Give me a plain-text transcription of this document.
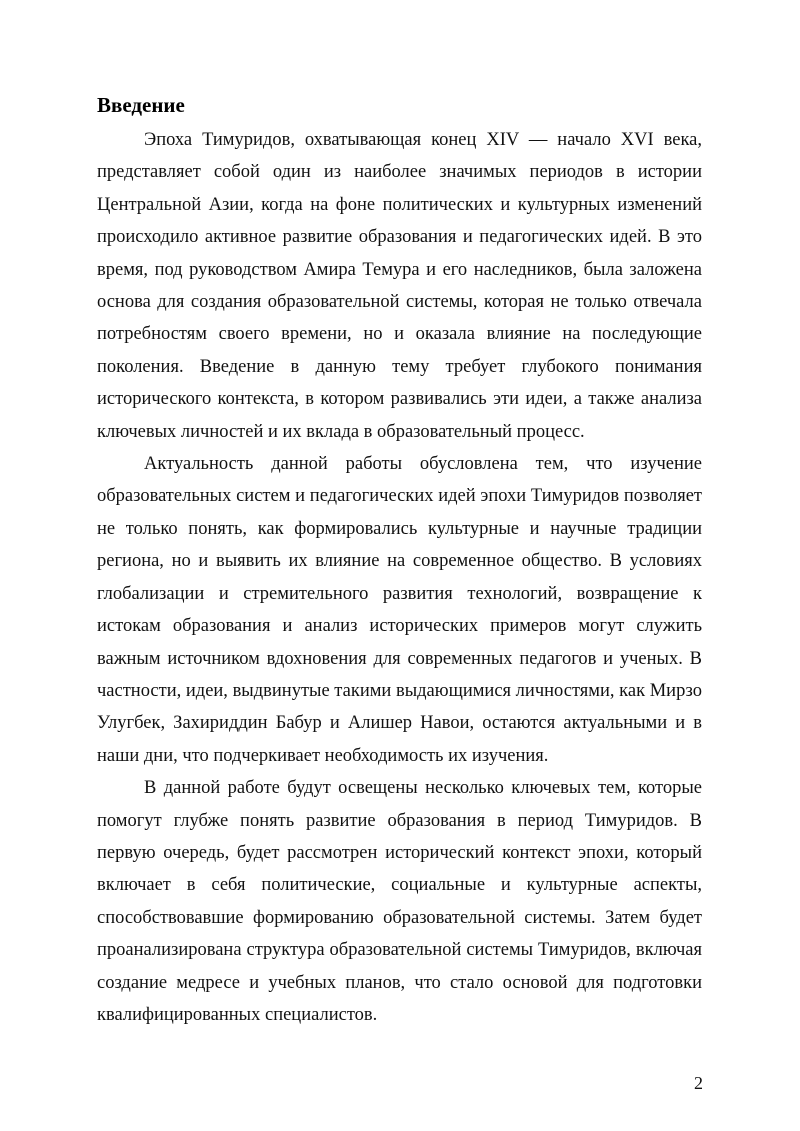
Введение

Эпоха Тимуридов, охватывающая конец XIV — начало XVI века, представляет собой один из наиболее значимых периодов в истории Центральной Азии, когда на фоне политических и культурных изменений происходило активное развитие образования и педагогических идей. В это время, под руководством Амира Темура и его наследников, была заложена основа для создания образовательной системы, которая не только отвечала потребностям своего времени, но и оказала влияние на последующие поколения. Введение в данную тему требует глубокого понимания исторического контекста, в котором развивались эти идеи, а также анализа ключевых личностей и их вклада в образовательный процесс.

Актуальность данной работы обусловлена тем, что изучение образовательных систем и педагогических идей эпохи Тимуридов позволяет не только понять, как формировались культурные и научные традиции региона, но и выявить их влияние на современное общество. В условиях глобализации и стремительного развития технологий, возвращение к истокам образования и анализ исторических примеров могут служить важным источником вдохновения для современных педагогов и ученых. В частности, идеи, выдвинутые такими выдающимися личностями, как Мирзо Улугбек, Захириддин Бабур и Алишер Навои, остаются актуальными и в наши дни, что подчеркивает необходимость их изучения.

В данной работе будут освещены несколько ключевых тем, которые помогут глубже понять развитие образования в период Тимуридов. В первую очередь, будет рассмотрен исторический контекст эпохи, который включает в себя политические, социальные и культурные аспекты, способствовавшие формированию образовательной системы. Затем будет проанализирована структура образовательной системы Тимуридов, включая создание медресе и учебных планов, что стало основой для подготовки квалифицированных специалистов.

2
